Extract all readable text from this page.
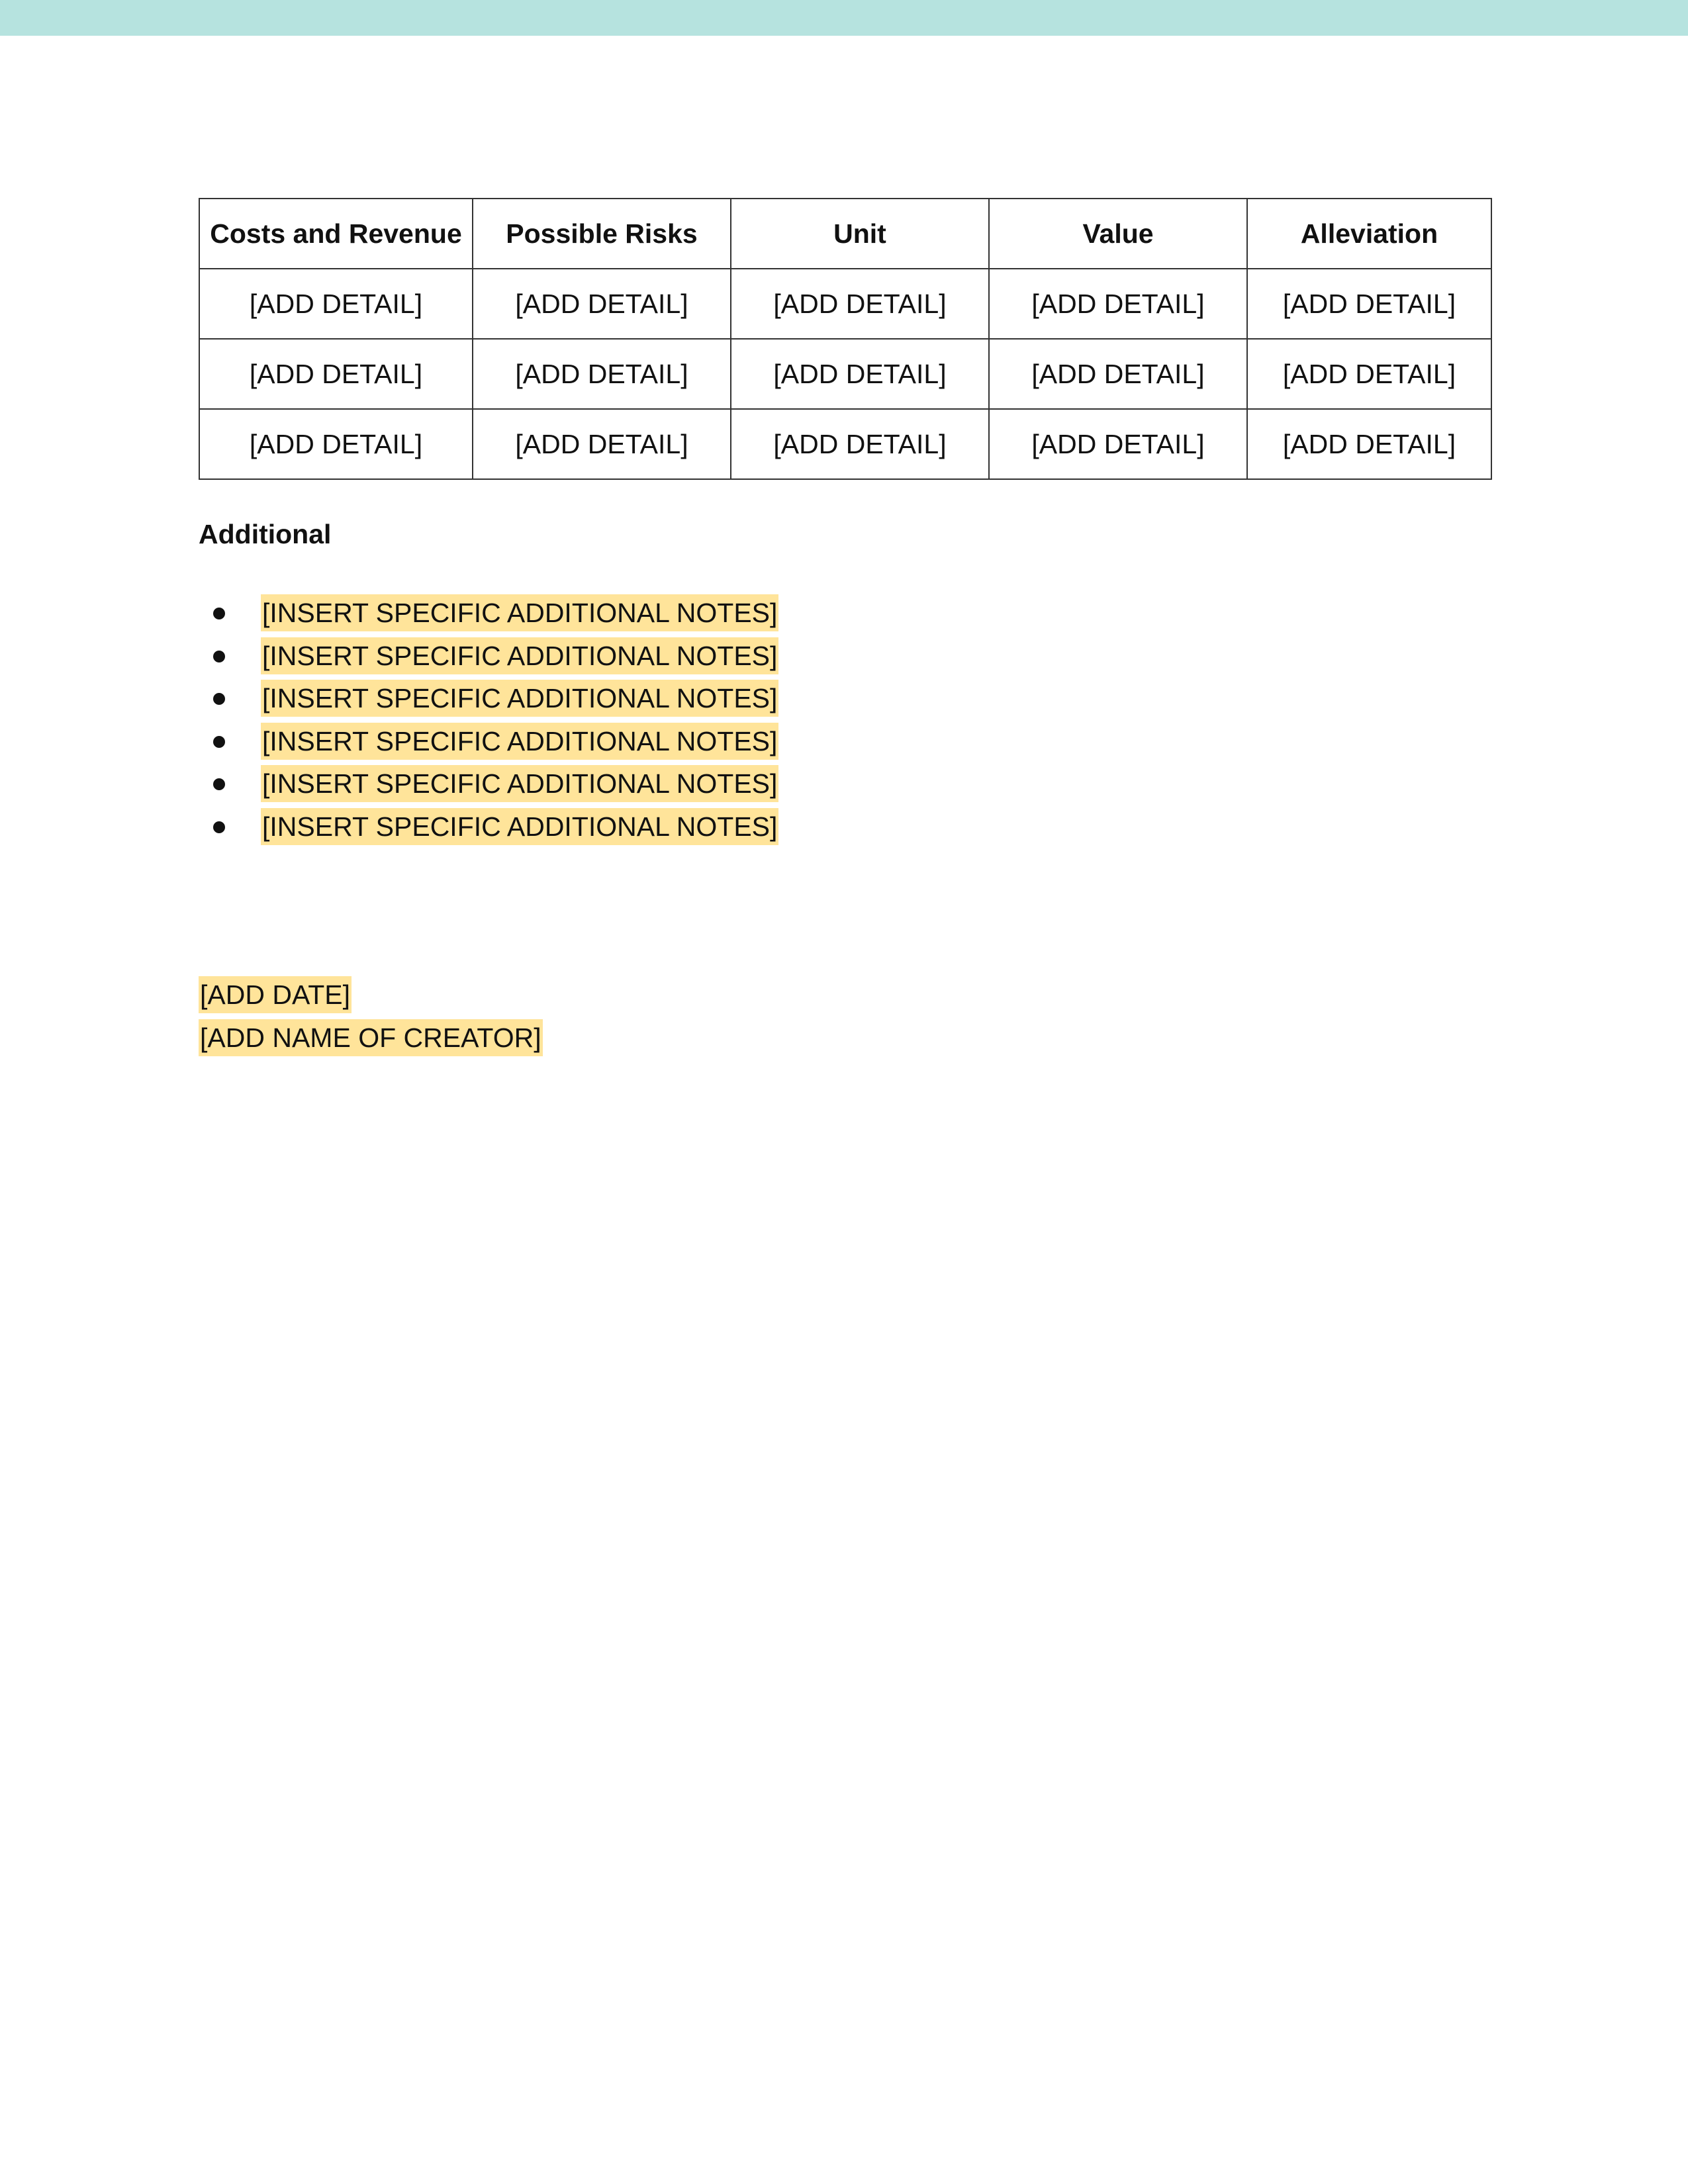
Costs and Revenue	Possible Risks	Unit	Value	Alleviation
[ADD DETAIL]	[ADD DETAIL]	[ADD DETAIL]	[ADD DETAIL]	[ADD DETAIL]
[ADD DETAIL]	[ADD DETAIL]	[ADD DETAIL]	[ADD DETAIL]	[ADD DETAIL]
[ADD DETAIL]	[ADD DETAIL]	[ADD DETAIL]	[ADD DETAIL]	[ADD DETAIL]
Additional
[INSERT SPECIFIC ADDITIONAL NOTES]
[INSERT SPECIFIC ADDITIONAL NOTES]
[INSERT SPECIFIC ADDITIONAL NOTES]
[INSERT SPECIFIC ADDITIONAL NOTES]
[INSERT SPECIFIC ADDITIONAL NOTES]
[INSERT SPECIFIC ADDITIONAL NOTES]
[ADD DATE]
[ADD NAME OF CREATOR]
